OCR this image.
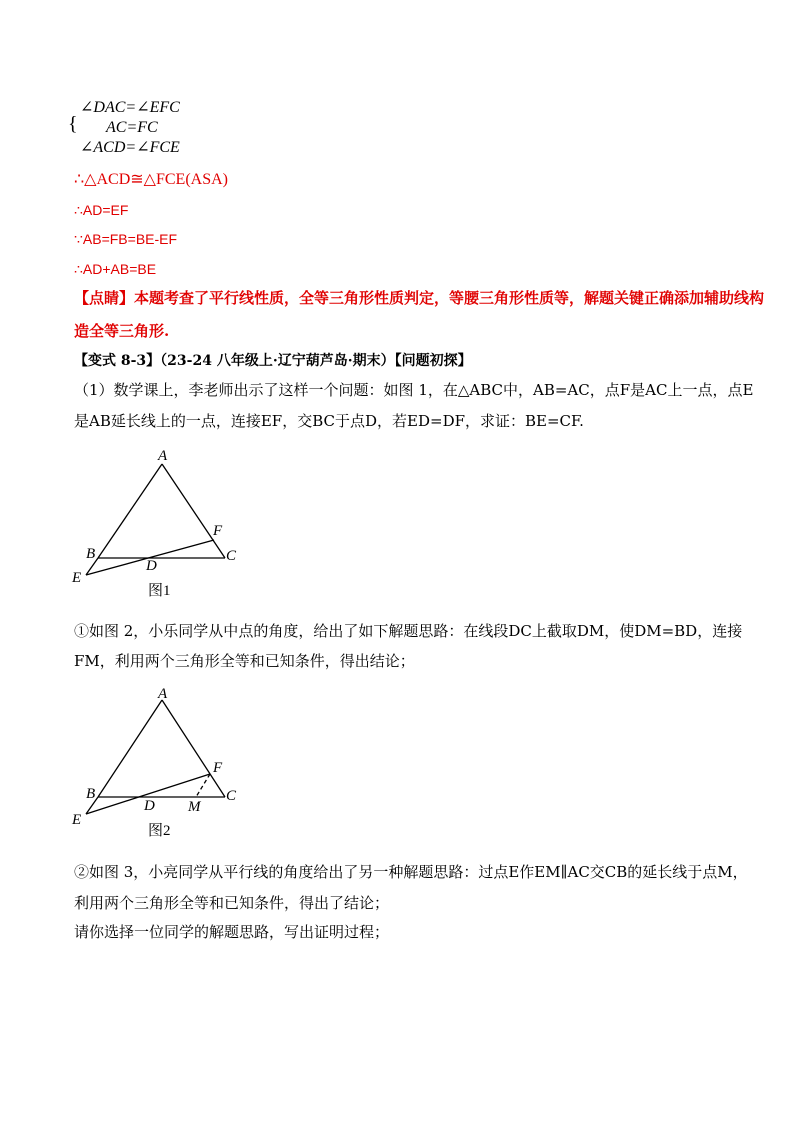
∠DAC=∠EFC
{ AC=FC
∠ACD=∠FCE
∴△ACD≅△FCE(ASA)
∴AD=EF
∵AB=FB=BE-EF
∴AD+AB=BE
【点睛】本题考查了平行线性质，全等三角形性质判定，等腰三角形性质等，解题关键正确添加辅助线构
造全等三角形.
【变式 8-3】（23-24 八年级上·辽宁葫芦岛·期末）【问题初探】
（1）数学课上，李老师出示了这样一个问题：如图 1，在△ABC中，AB=AC，点F是AC上一点，点E
是AB延长线上的一点，连接EF，交BC于点D，若ED=DF，求证：BE=CF.
A
B	C
D
E
F
图1
①如图 2，小乐同学从中点的角度，给出了如下解题思路：在线段DC上截取DM，使DM=BD，连接
FM，利用两个三角形全等和已知条件，得出结论；
A
B	C
D
E
F
M
图2
②如图 3，小亮同学从平行线的角度给出了另一种解题思路：过点E作EM∥AC交CB的延长线于点M，
利用两个三角形全等和已知条件，得出了结论；
请你选择一位同学的解题思路，写出证明过程；
